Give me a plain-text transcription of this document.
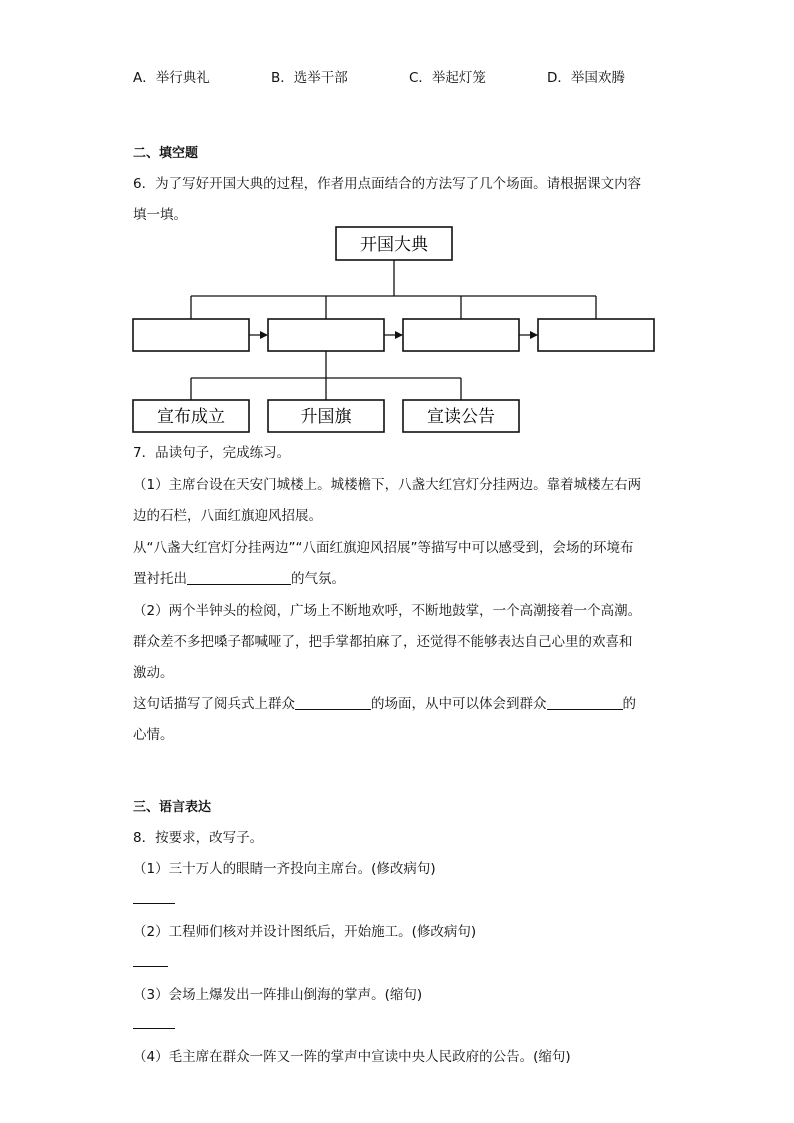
A．举行典礼	B．选举干部	C．举起灯笼	D．举国欢腾
二、填空题
6．为了写好开国大典的过程，作者用点面结合的方法写了几个场面。请根据课文内容
填一填。
开国大典
宣布成立	升国旗	宣读公告
7．品读句子，完成练习。
（1）主席台设在天安门城楼上。城楼檐下，八盏大红宫灯分挂两边。靠着城楼左右两
边的石栏，八面红旗迎风招展。
从“八盏大红宫灯分挂两边”“八面红旗迎风招展”等描写中可以感受到，会场的环境布
置衬托出	的气氛。
（2）两个半钟头的检阅，广场上不断地欢呼，不断地鼓掌，一个高潮接着一个高潮。
群众差不多把嗓子都喊哑了，把手掌都拍麻了，还觉得不能够表达自己心里的欢喜和
激动。
这句话描写了阅兵式上群众	的场面，从中可以体会到群众	的
心情。
三、语言表达
8．按要求，改写子。
（1）三十万人的眼睛一齐投向主席台。(修改病句)
（2）工程师们核对并设计图纸后，开始施工。(修改病句)
（3）会场上爆发出一阵排山倒海的掌声。(缩句)
（4）毛主席在群众一阵又一阵的掌声中宣读中央人民政府的公告。(缩句)
